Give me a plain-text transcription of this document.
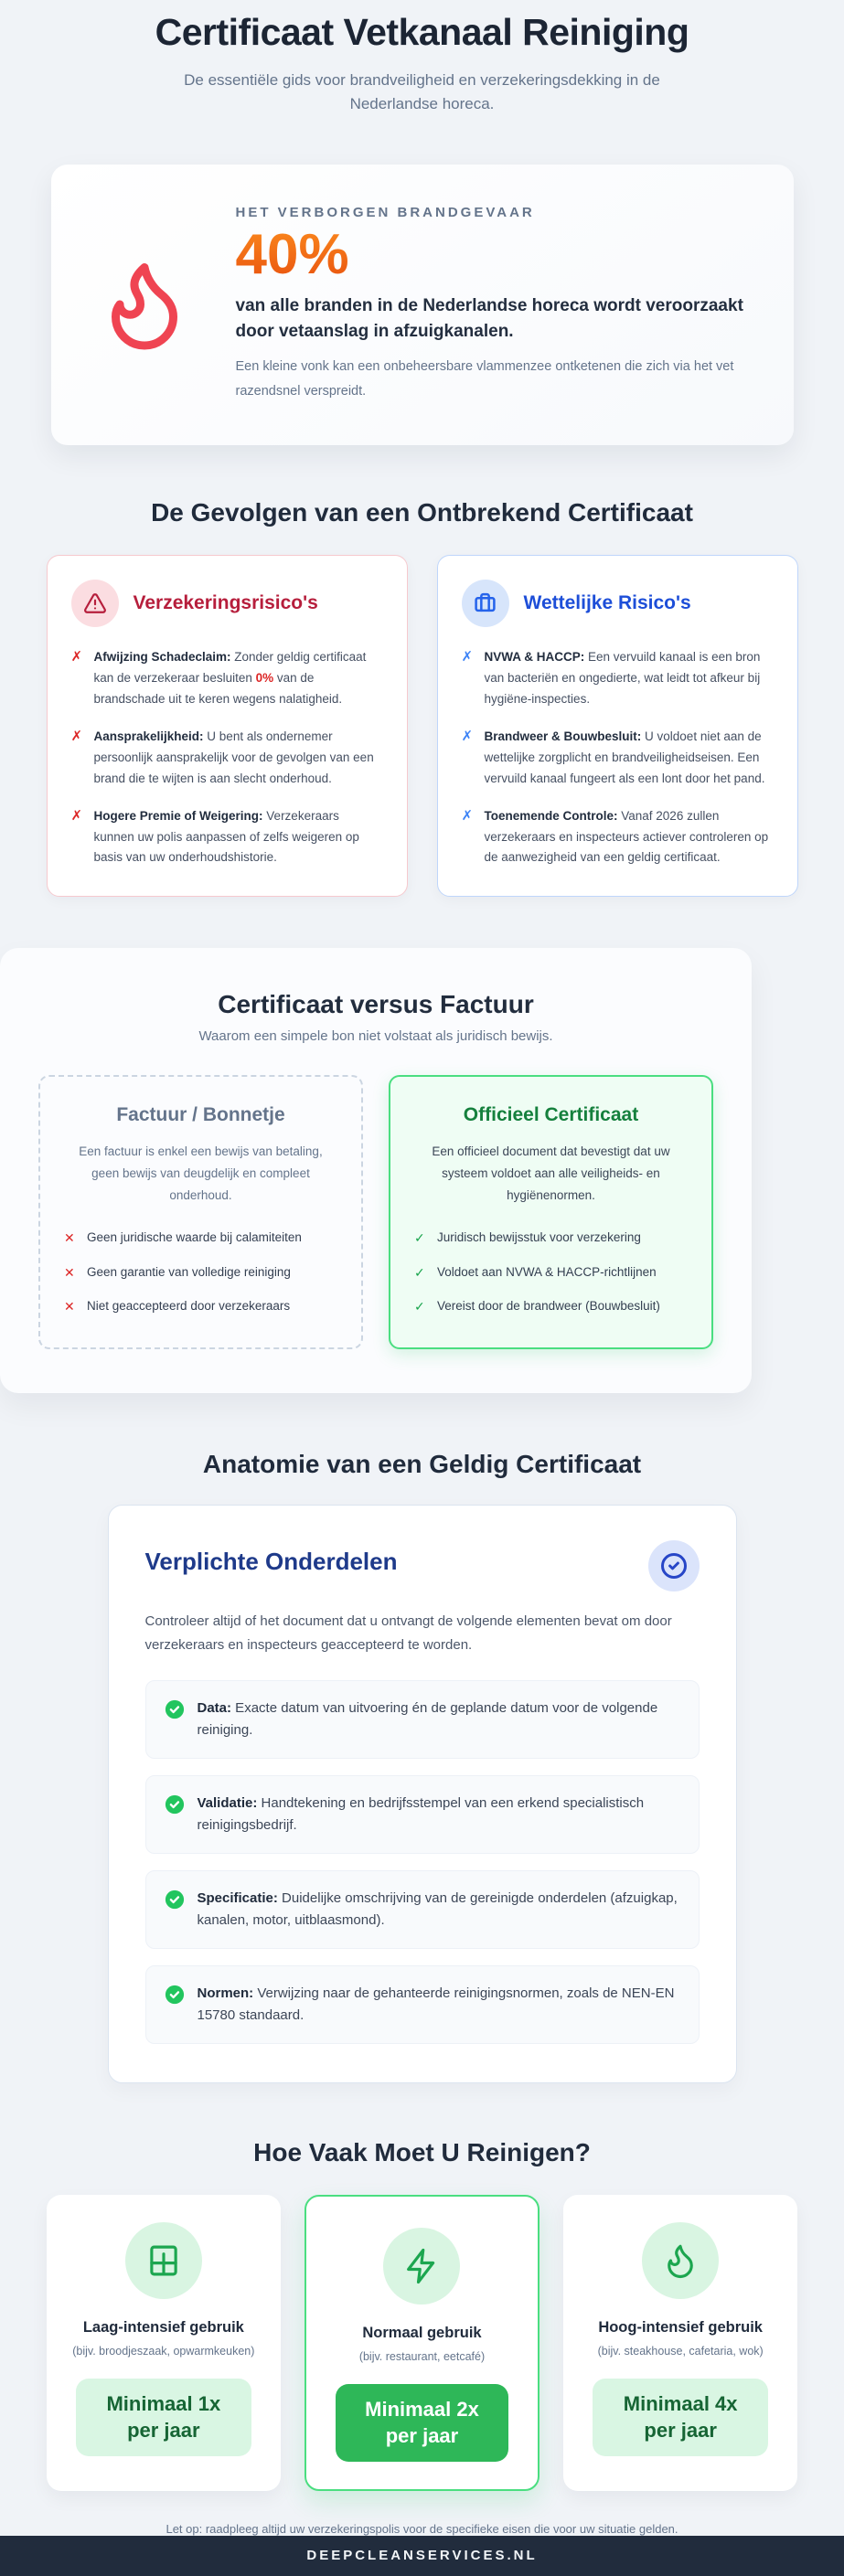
Certificaat Vetkanaal Reiniging

De essentiële gids voor brandveiligheid en verzekeringsdekking in de Nederlandse horeca.

HET VERBORGEN BRANDGEVAAR
40%

van alle branden in de Nederlandse horeca wordt veroorzaakt door vetaanslag in afzuigkanalen.

Een kleine vonk kan een onbeheersbare vlammenzee ontketenen die zich via het vet razendsnel verspreidt.

De Gevolgen van een Ontbrekend Certificaat
Verzekeringsrisico's
✗ Afwijzing Schadeclaim: Zonder geldig certificaat kan de verzekeraar besluiten 0% van de brandschade uit te keren wegens nalatigheid.

✗ Aansprakelijkheid: U bent als ondernemer persoonlijk aansprakelijk voor de gevolgen van een brand die te wijten is aan slecht onderhoud.

✗ Hogere Premie of Weigering: Verzekeraars kunnen uw polis aanpassen of zelfs weigeren op basis van uw onderhoudshistorie.

Wettelijke Risico's
✗ NVWA & HACCP: Een vervuild kanaal is een bron van bacteriën en ongedierte, wat leidt tot afkeur bij hygiëne-inspecties.

✗ Brandweer & Bouwbesluit: U voldoet niet aan de wettelijke zorgplicht en brandveiligheidseisen. Een vervuild kanaal fungeert als een lont door het pand.

✗ Toenemende Controle: Vanaf 2026 zullen verzekeraars en inspecteurs actiever controleren op de aanwezigheid van een geldig certificaat.

Certificaat versus Factuur

Waarom een simpele bon niet volstaat als juridisch bewijs.

Factuur / Bonnetje

Een factuur is enkel een bewijs van betaling, geen bewijs van deugdelijk en compleet onderhoud.

✕ Geen juridische waarde bij calamiteiten
✕ Geen garantie van volledige reiniging
✕ Niet geaccepteerd door verzekeraars
Officieel Certificaat

Een officieel document dat bevestigt dat uw systeem voldoet aan alle veiligheids- en hygiënenormen.

✓ Juridisch bewijsstuk voor verzekering
✓ Voldoet aan NVWA & HACCP-richtlijnen
✓ Vereist door de brandweer (Bouwbesluit)
Anatomie van een Geldig Certificaat
Verplichte Onderdelen

Controleer altijd of het document dat u ontvangt de volgende elementen bevat om door verzekeraars en inspecteurs geaccepteerd te worden.

Data: Exacte datum van uitvoering én de geplande datum voor de volgende reiniging.

Validatie: Handtekening en bedrijfsstempel van een erkend specialistisch reinigingsbedrijf.

Specificatie: Duidelijke omschrijving van de gereinigde onderdelen (afzuigkap, kanalen, motor, uitblaasmond).

Normen: Verwijzing naar de gehanteerde reinigingsnormen, zoals de NEN-EN 15780 standaard.

Hoe Vaak Moet U Reinigen?
Laag-intensief gebruik
(bijv. broodjeszaak, opwarmkeuken)
Minimaal 1x
per jaar
Normaal gebruik
(bijv. restaurant, eetcafé)
Minimaal 2x
per jaar
Hoog-intensief gebruik
(bijv. steakhouse, cafetaria, wok)
Minimaal 4x
per jaar

Let op: raadpleeg altijd uw verzekeringspolis voor de specifieke eisen die voor uw situatie gelden.

DEEPCLEANSERVICES.NL
